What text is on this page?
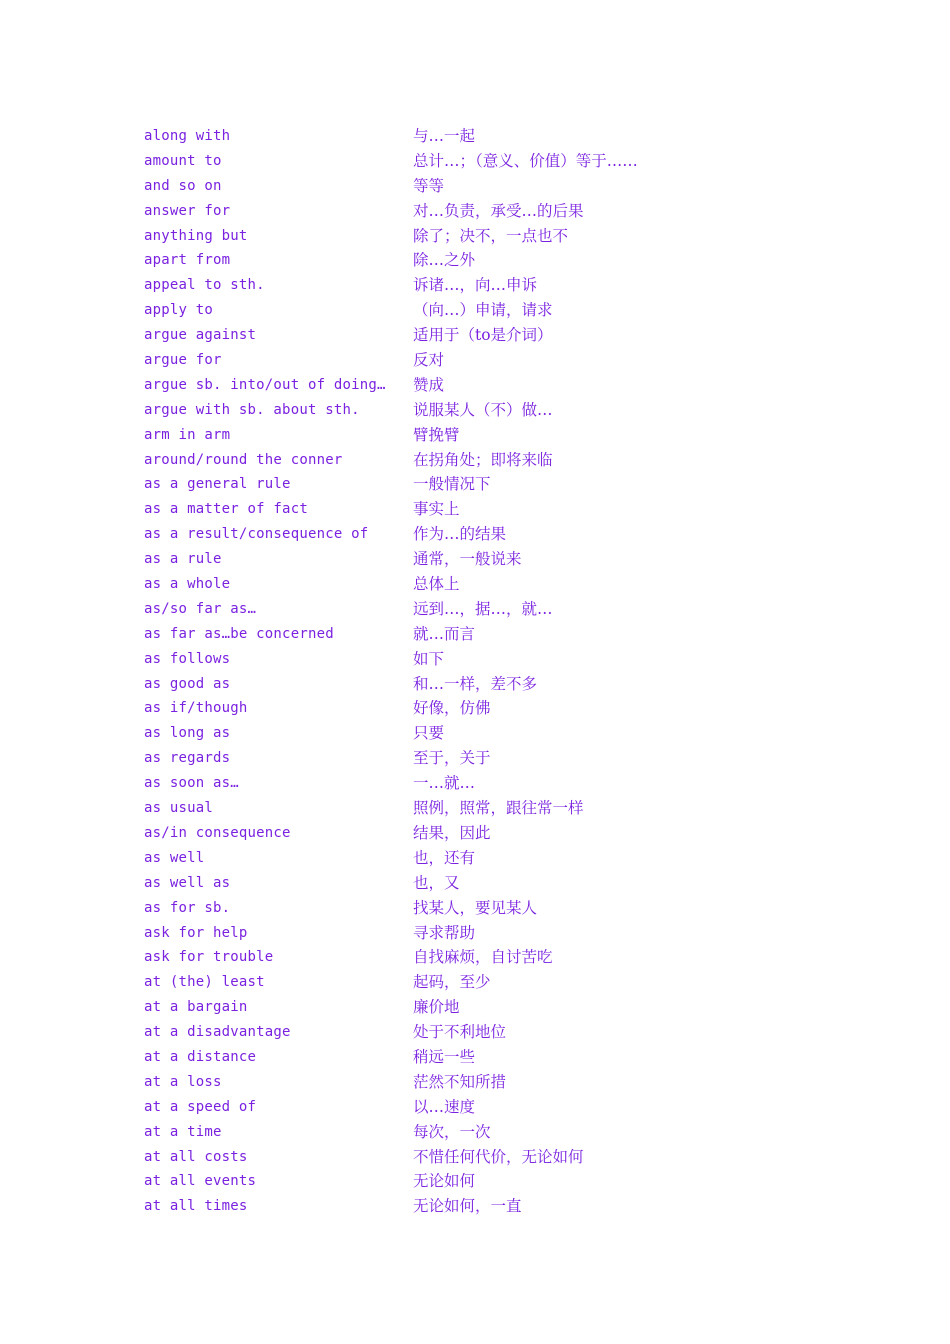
along with	与…一起
amount to	总计…；（意义、价值）等于……
and so on	等等
answer for	对…负责，承受…的后果
anything but	除了；决不，一点也不
apart from	除…之外
appeal to sth.	诉诸…，向…申诉
apply to	（向…）申请，请求
argue against	适用于（to是介词）
argue for	反对
argue sb. into/out of doing… 赞成
argue with sb. about sth.	说服某人（不）做…
arm in arm	臂挽臂
around/round the conner	在拐角处；即将来临
as a general rule	一般情况下
as a matter of fact	事实上
as a result/consequence of	作为…的结果
as a rule	通常，一般说来
as a whole	总体上
as/so far as…	远到…，据…，就…
as far as…be concerned	就…而言
as follows	如下
as good as	和…一样，差不多
as if/though	好像，仿佛
as long as	只要
as regards	至于，关于
as soon as…	一…就…
as usual	照例，照常，跟往常一样
as/in consequence	结果，因此
as well	也，还有
as well as	也，又
as for sb.	找某人，要见某人
ask for help	寻求帮助
ask for trouble	自找麻烦，自讨苦吃
at (the) least	起码，至少
at a bargain	廉价地
at a disadvantage	处于不利地位
at a distance	稍远一些
at a loss	茫然不知所措
at a speed of	以…速度
at a time	每次，一次
at all costs	不惜任何代价，无论如何
at all events	无论如何
at all times	无论如何，一直
